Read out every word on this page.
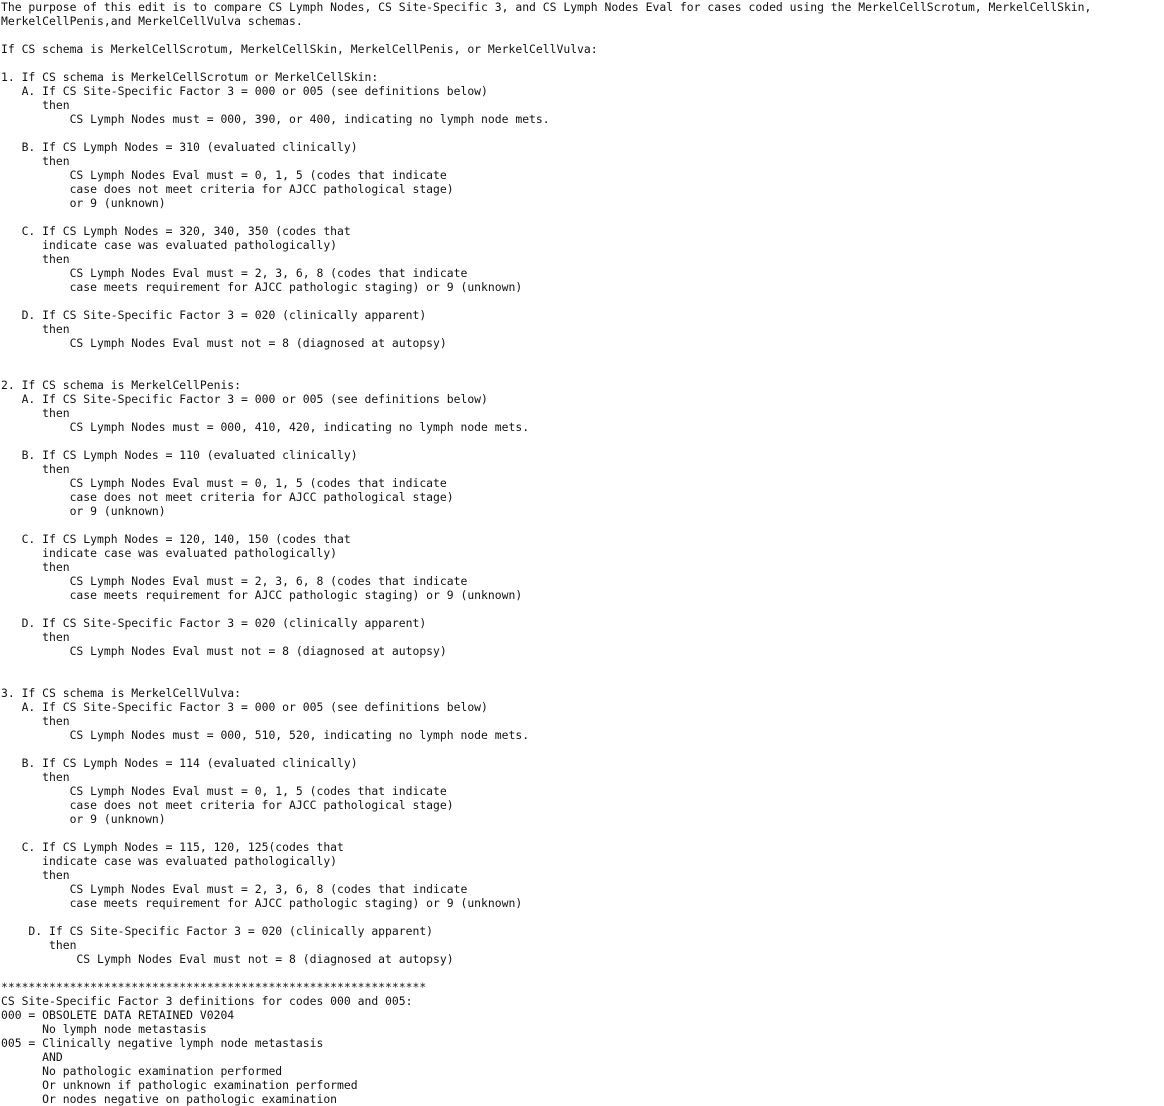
The purpose of this edit is to compare CS Lymph Nodes, CS Site-Specific 3, and CS Lymph Nodes Eval for cases coded using the MerkelCellScrotum, MerkelCellSkin,
MerkelCellPenis,and MerkelCellVulva schemas.
If CS schema is MerkelCellScrotum, MerkelCellSkin, MerkelCellPenis, or MerkelCellVulva:
1. If CS schema is MerkelCellScrotum or MerkelCellSkin:
A. If CS Site-Specific Factor 3 = 000 or 005 (see definitions below)
then
CS Lymph Nodes must = 000, 390, or 400, indicating no lymph node mets.
B. If CS Lymph Nodes = 310 (evaluated clinically)
then
CS Lymph Nodes Eval must = 0, 1, 5 (codes that indicate
case does not meet criteria for AJCC pathological stage)
or 9 (unknown)
C. If CS Lymph Nodes = 320, 340, 350 (codes that
indicate case was evaluated pathologically)
then
CS Lymph Nodes Eval must = 2, 3, 6, 8 (codes that indicate
case meets requirement for AJCC pathologic staging) or 9 (unknown)
D. If CS Site-Specific Factor 3 = 020 (clinically apparent)
then
CS Lymph Nodes Eval must not = 8 (diagnosed at autopsy)
2. If CS schema is MerkelCellPenis:
A. If CS Site-Specific Factor 3 = 000 or 005 (see definitions below)
then
CS Lymph Nodes must = 000, 410, 420, indicating no lymph node mets.
B. If CS Lymph Nodes = 110 (evaluated clinically)
then
CS Lymph Nodes Eval must = 0, 1, 5 (codes that indicate
case does not meet criteria for AJCC pathological stage)
or 9 (unknown)
C. If CS Lymph Nodes = 120, 140, 150 (codes that
indicate case was evaluated pathologically)
then
CS Lymph Nodes Eval must = 2, 3, 6, 8 (codes that indicate
case meets requirement for AJCC pathologic staging) or 9 (unknown)
D. If CS Site-Specific Factor 3 = 020 (clinically apparent)
then
CS Lymph Nodes Eval must not = 8 (diagnosed at autopsy)
3. If CS schema is MerkelCellVulva:
A. If CS Site-Specific Factor 3 = 000 or 005 (see definitions below)
then
CS Lymph Nodes must = 000, 510, 520, indicating no lymph node mets.
B. If CS Lymph Nodes = 114 (evaluated clinically)
then
CS Lymph Nodes Eval must = 0, 1, 5 (codes that indicate
case does not meet criteria for AJCC pathological stage)
or 9 (unknown)
C. If CS Lymph Nodes = 115, 120, 125(codes that
indicate case was evaluated pathologically)
then
CS Lymph Nodes Eval must = 2, 3, 6, 8 (codes that indicate
case meets requirement for AJCC pathologic staging) or 9 (unknown)
D. If CS Site-Specific Factor 3 = 020 (clinically apparent)
then
CS Lymph Nodes Eval must not = 8 (diagnosed at autopsy)
**************************************************************
CS Site-Specific Factor 3 definitions for codes 000 and 005:
000 = OBSOLETE DATA RETAINED V0204
No lymph node metastasis
005 = Clinically negative lymph node metastasis
AND
No pathologic examination performed
Or unknown if pathologic examination performed
Or nodes negative on pathologic examination
